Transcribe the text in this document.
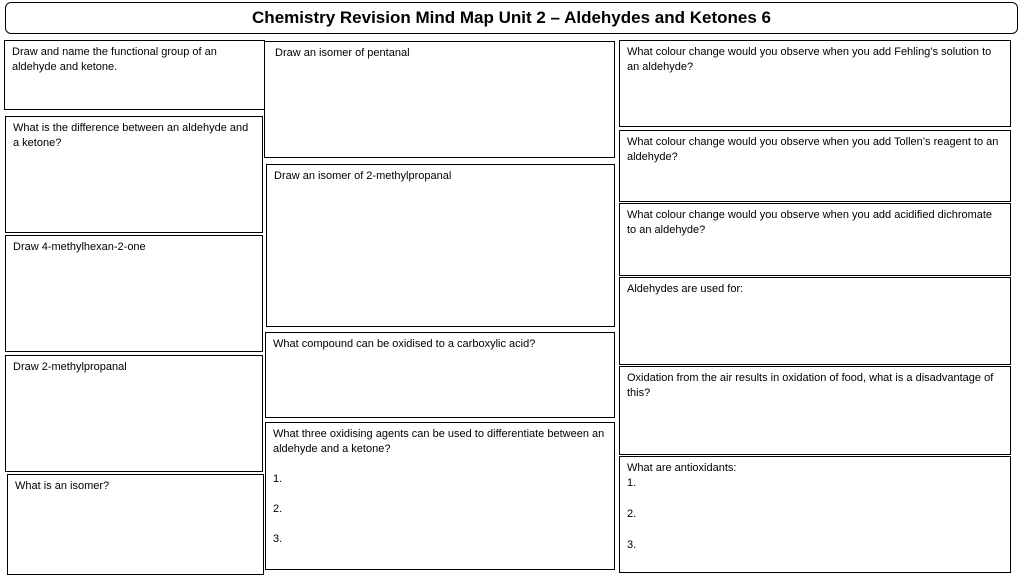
Chemistry Revision Mind Map Unit 2 – Aldehydes and Ketones 6
Draw and name the functional group of an aldehyde and ketone.
What is the difference between an aldehyde and a ketone?
Draw 4-methylhexan-2-one
Draw 2-methylpropanal
What is an isomer?
Draw an isomer of pentanal
Draw an isomer of 2-methylpropanal
What compound can be oxidised to a carboxylic acid?
What three oxidising agents can be used to differentiate between an aldehyde and a ketone?
1.
2.
3.
What colour change would you observe when you add Fehling’s solution to an aldehyde?
What colour change would you observe when you add Tollen’s reagent to an aldehyde?
What colour change would you observe when you add acidified dichromate to an aldehyde?
Aldehydes are used for:
Oxidation from the air results in oxidation of food, what is a disadvantage of this?
What are antioxidants:
1.
2.
3.
